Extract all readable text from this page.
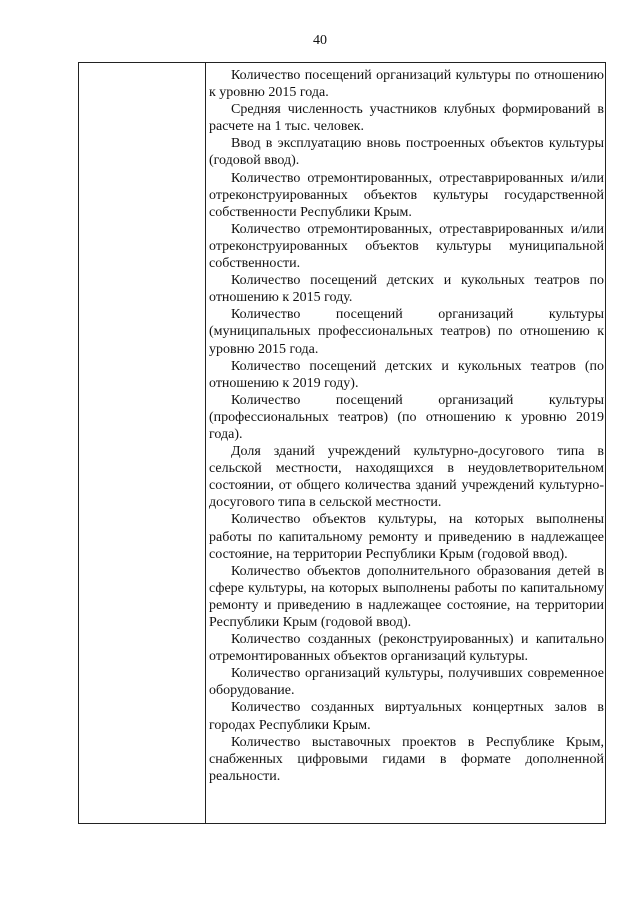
40

Количество посещений организаций культуры по отношению к уровню 2015 года.

Средняя численность участников клубных формирований в расчете на 1 тыс. человек.

Ввод в эксплуатацию вновь построенных объектов культуры (годовой ввод).

Количество отремонтированных, отреставрированных и/или отреконструированных объектов культуры государственной собственности Республики Крым.

Количество отремонтированных, отреставрированных и/или отреконструированных объектов культуры муниципальной собственности.

Количество посещений детских и кукольных театров по отношению к 2015 году.

Количество посещений организаций культуры (муниципальных профессиональных театров) по отношению к уровню 2015 года.

Количество посещений детских и кукольных театров (по отношению к 2019 году).

Количество посещений организаций культуры (профессиональных театров) (по отношению к уровню 2019 года).

Доля зданий учреждений культурно-досугового типа в сельской местности, находящихся в неудовлетворительном состоянии, от общего количества зданий учреждений культурно-досугового типа в сельской местности.

Количество объектов культуры, на которых выполнены работы по капитальному ремонту и приведению в надлежащее состояние, на территории Республики Крым (годовой ввод).

Количество объектов дополнительного образования детей в сфере культуры, на которых выполнены работы по капитальному ремонту и приведению в надлежащее состояние, на территории Республики Крым (годовой ввод).

Количество созданных (реконструированных) и капитально отремонтированных объектов организаций культуры.

Количество организаций культуры, получивших современное оборудование.

Количество созданных виртуальных концертных залов в городах Республики Крым.

Количество выставочных проектов в Республике Крым, снабженных цифровыми гидами в формате дополненной реальности.
